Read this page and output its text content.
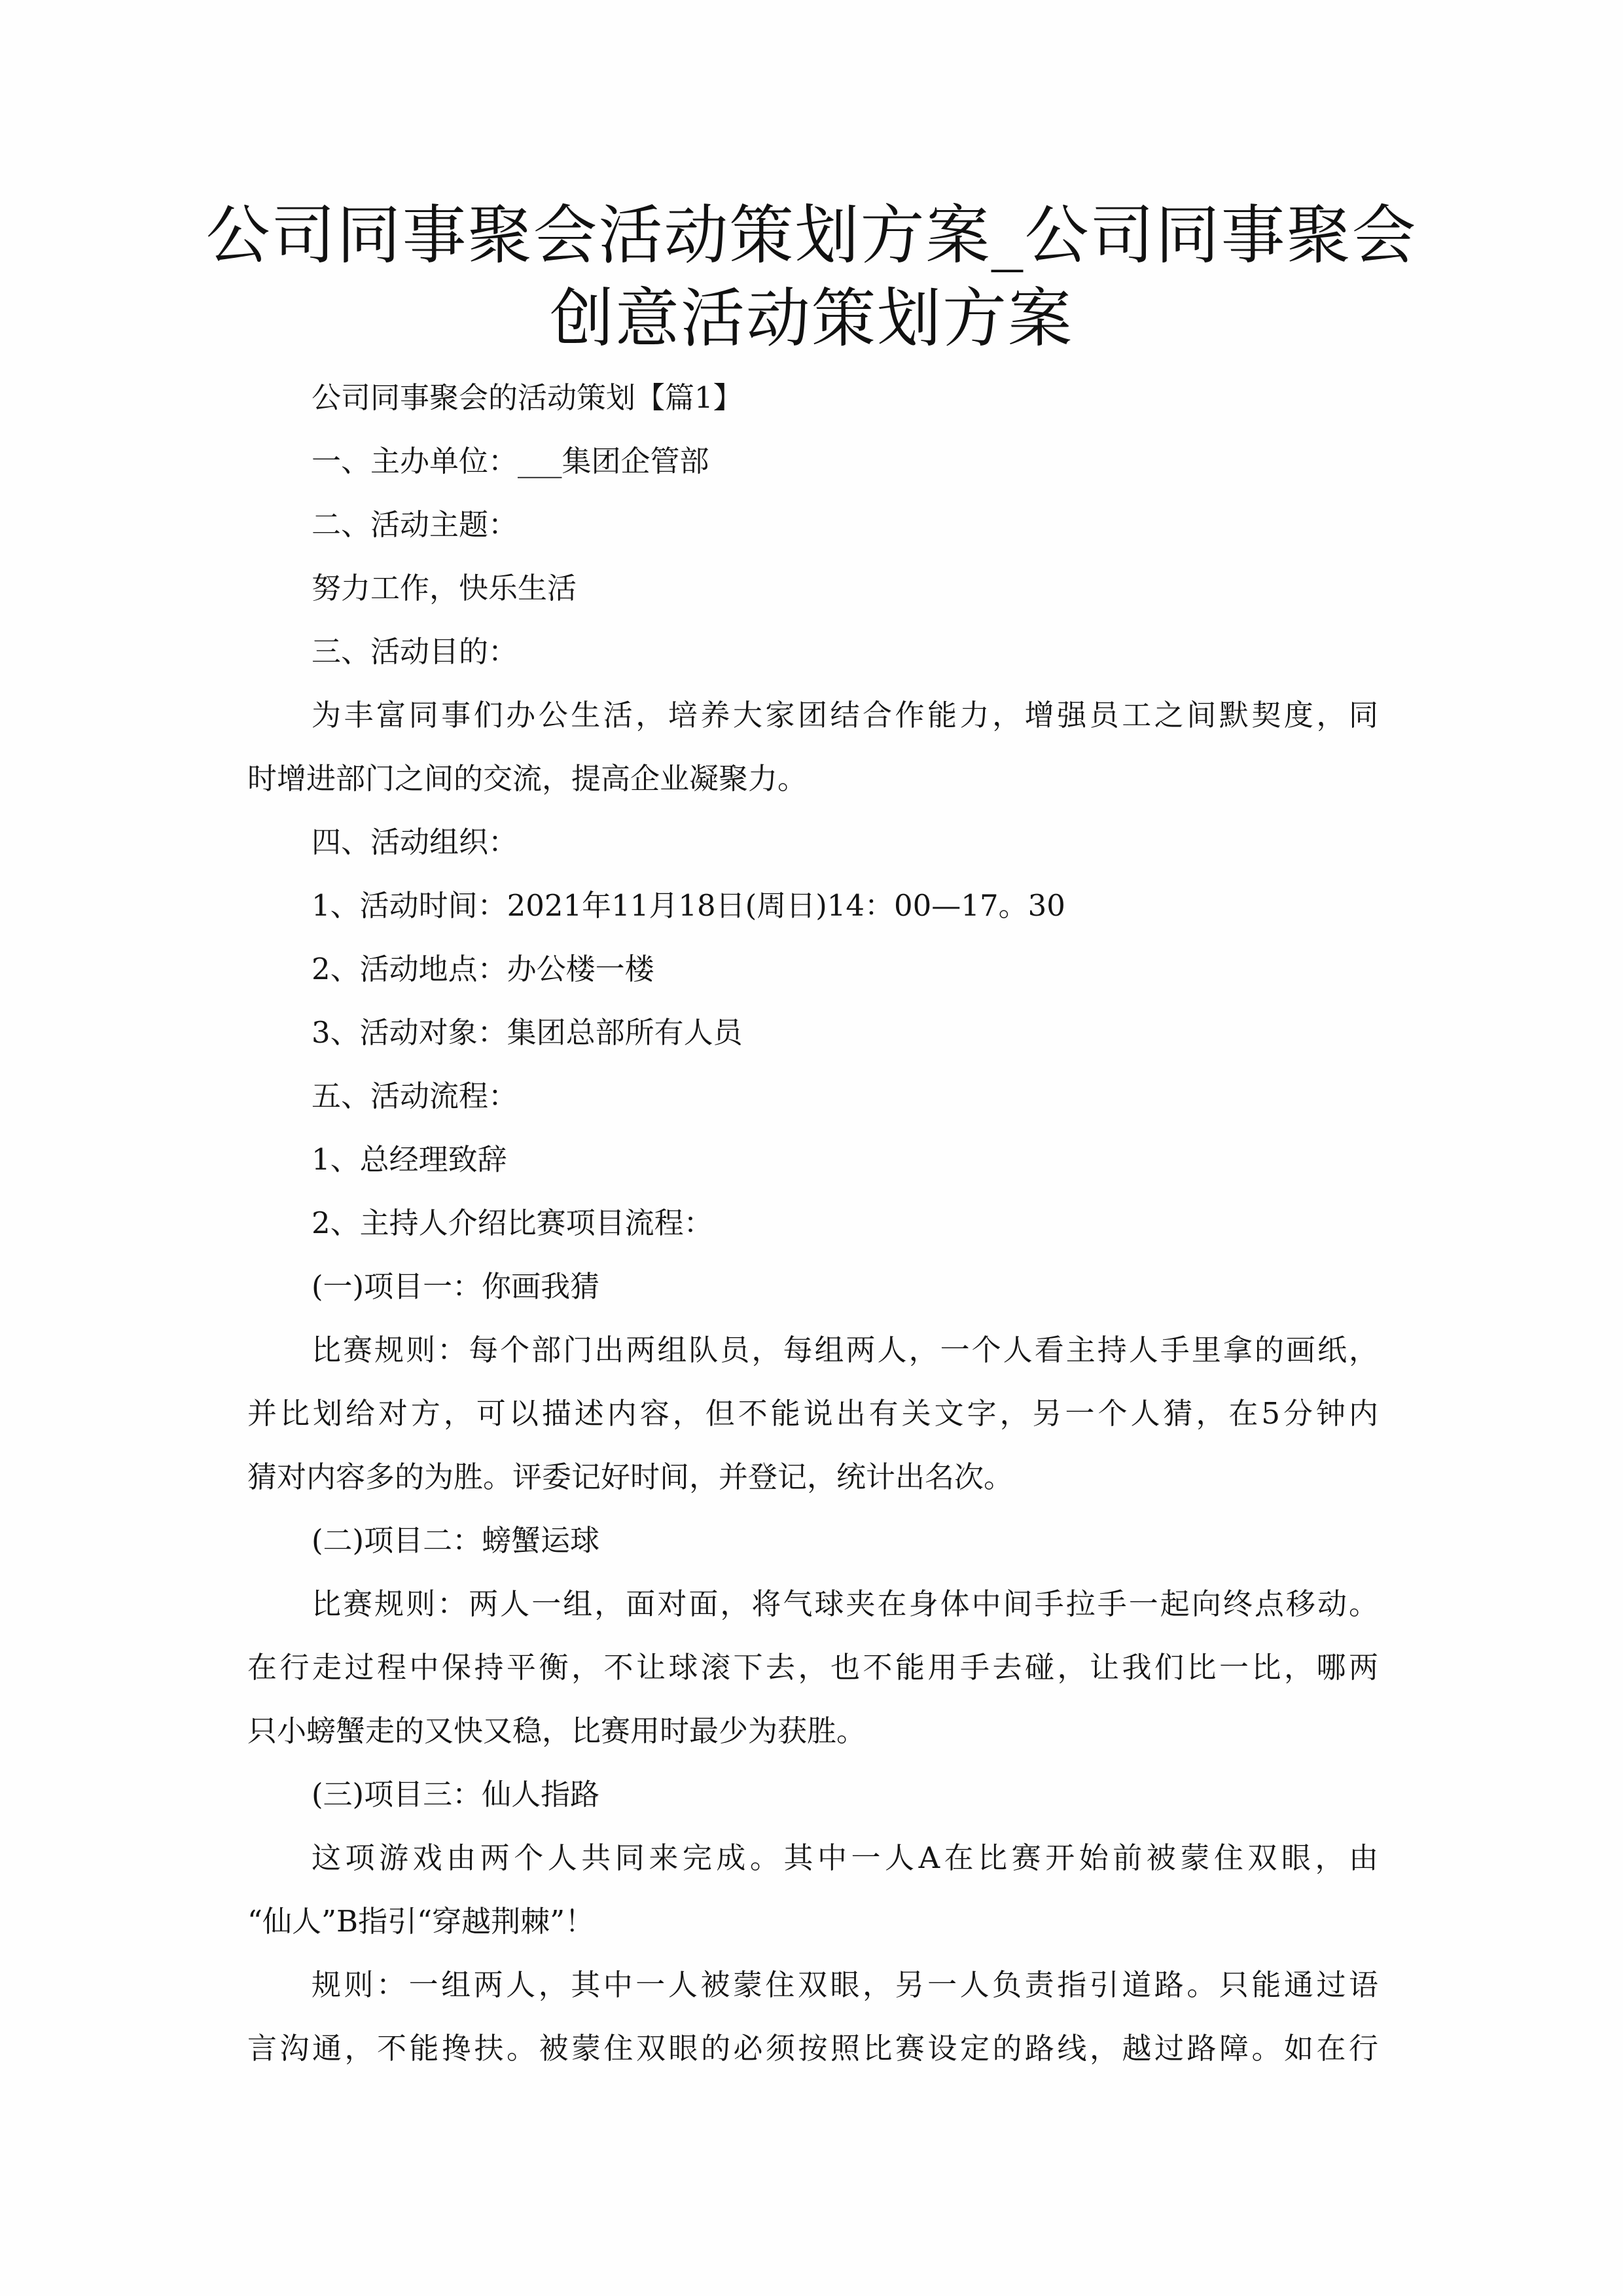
公司同事聚会活动策划方案_公司同事聚会
创意活动策划方案
公司同事聚会的活动策划【篇1】
一、主办单位：___集团企管部
二、活动主题：
努力工作，快乐生活
三、活动目的：
为丰富同事们办公生活，培养大家团结合作能力，增强员工之间默契度，同
时增进部门之间的交流，提高企业凝聚力。
四、活动组织：
1、活动时间：2021年11月18日(周日)14：00—17。30
2、活动地点：办公楼一楼
3、活动对象：集团总部所有人员
五、活动流程：
1、总经理致辞
2、主持人介绍比赛项目流程：
(一)项目一：你画我猜
比赛规则：每个部门出两组队员，每组两人，一个人看主持人手里拿的画纸，
并比划给对方，可以描述内容，但不能说出有关文字，另一个人猜，在5分钟内
猜对内容多的为胜。评委记好时间，并登记，统计出名次。
(二)项目二：螃蟹运球
比赛规则：两人一组，面对面，将气球夹在身体中间手拉手一起向终点移动。
在行走过程中保持平衡，不让球滚下去，也不能用手去碰，让我们比一比，哪两
只小螃蟹走的又快又稳，比赛用时最少为获胜。
(三)项目三：仙人指路
这项游戏由两个人共同来完成。其中一人A在比赛开始前被蒙住双眼，由
“仙人”B指引“穿越荆棘”！
规则：一组两人，其中一人被蒙住双眼，另一人负责指引道路。只能通过语
言沟通，不能搀扶。被蒙住双眼的必须按照比赛设定的路线，越过路障。如在行
